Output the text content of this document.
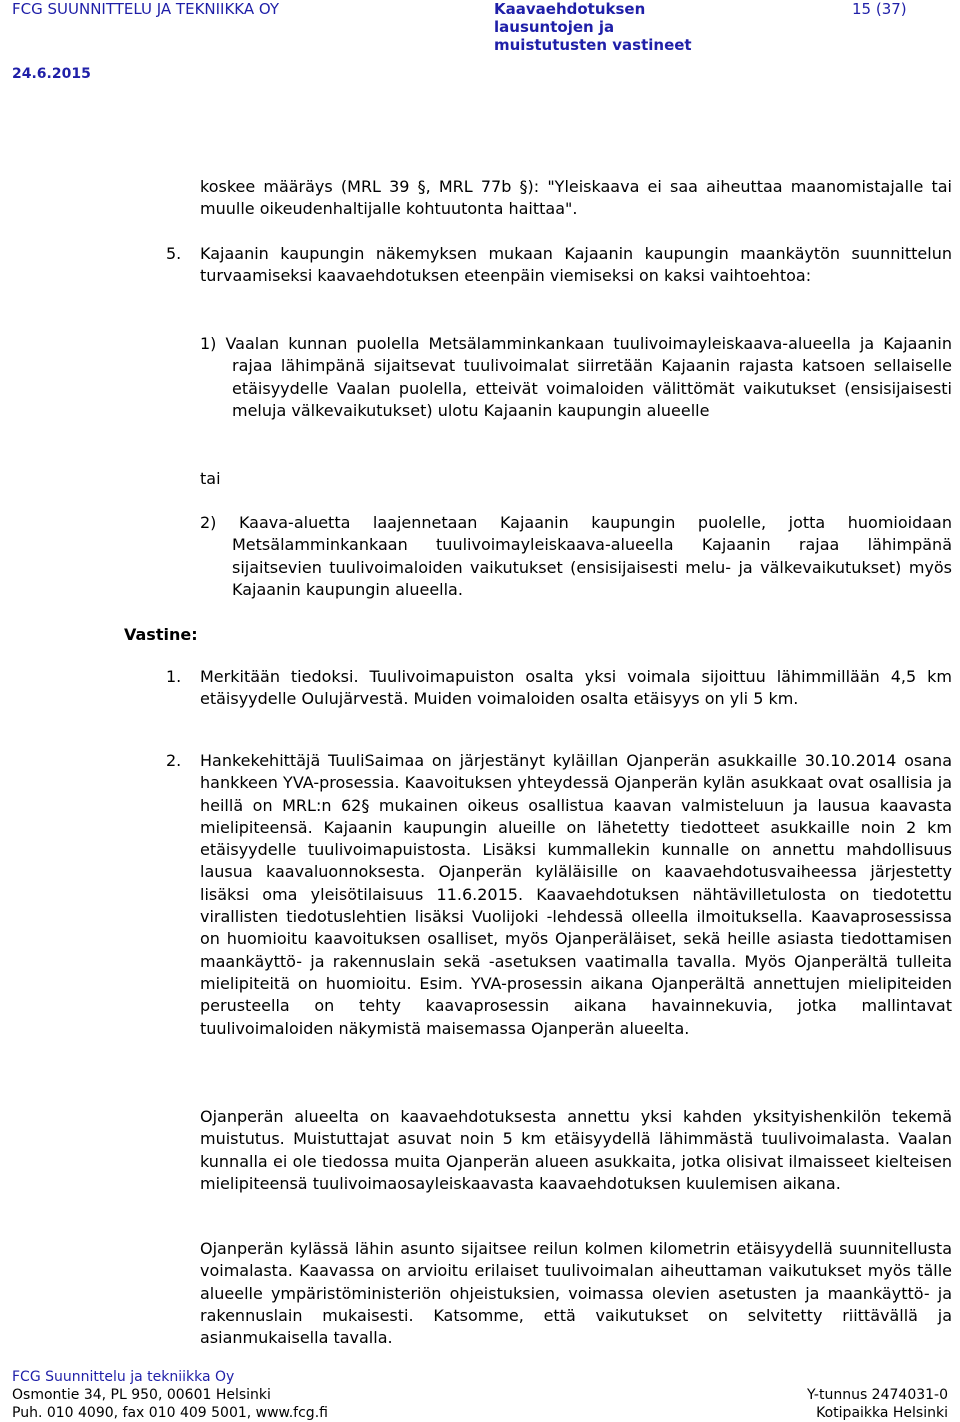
FCG SUUNNITTELU JA TEKNIIKKA OY	Kaavaehdotuksen
lausuntojen ja
muistutusten vastineet
15 (37)
24.6.2015
koskee määräys (MRL 39 §, MRL 77b §): "Yleiskaava ei saa aiheuttaa maanomistajalle tai muulle oikeudenhaltijalle kohtuutonta haittaa".
5. Kajaanin kaupungin näkemyksen mukaan Kajaanin kaupungin maankäytön suunnittelun turvaamiseksi kaavaehdotuksen eteenpäin viemiseksi on kaksi vaihtoehtoa:
1) Vaalan kunnan puolella Metsälamminkankaan tuulivoimayleiskaava-alueella ja Kajaanin rajaa lähimpänä sijaitsevat tuulivoimalat siirretään Kajaanin rajasta katsoen sellaiselle etäisyydelle Vaalan puolella, etteivät voimaloiden välittömät vaikutukset (ensisijaisesti meluja välkevaikutukset) ulotu Kajaanin kaupungin alueelle
tai
2) Kaava-aluetta laajennetaan Kajaanin kaupungin puolelle, jotta huomioidaan Metsälamminkankaan tuulivoimayleiskaava-alueella Kajaanin rajaa lähimpänä sijaitsevien tuulivoimaloiden vaikutukset (ensisijaisesti melu- ja välkevaikutukset) myös Kajaanin kaupungin alueella.
Vastine:
1. Merkitään tiedoksi. Tuulivoimapuiston osalta yksi voimala sijoittuu lähimmillään 4,5 km etäisyydelle Oulujärvestä. Muiden voimaloiden osalta etäisyys on yli 5 km.
2. Hankekehittäjä TuuliSaimaa on järjestänyt kyläillan Ojanperän asukkaille 30.10.2014 osana hankkeen YVA-prosessia. Kaavoituksen yhteydessä Ojanperän kylän asukkaat ovat osallisia ja heillä on MRL:n 62§ mukainen oikeus osallistua kaavan valmisteluun ja lausua kaavasta mielipiteensä. Kajaanin kaupungin alueille on lähetetty tiedotteet asukkaille noin 2 km etäisyydelle tuulivoimapuistosta. Lisäksi kummallekin kunnalle on annettu mahdollisuus lausua kaavaluonnoksesta. Ojanperän kyläläisille on kaavaehdotusvaiheessa järjestetty lisäksi oma yleisötilaisuus 11.6.2015. Kaavaehdotuksen nähtävilletulosta on tiedotettu virallisten tiedotuslehtien lisäksi Vuolijoki -lehdessä olleella ilmoituksella. Kaavaprosessissa on huomioitu kaavoituksen osalliset, myös Ojanperäläiset, sekä heille asiasta tiedottamisen maankäyttö- ja rakennuslain sekä -asetuksen vaatimalla tavalla. Myös Ojanperältä tulleita mielipiteitä on huomioitu. Esim. YVA-prosessin aikana Ojanperältä annettujen mielipiteiden perusteella on tehty kaavaprosessin aikana havainnekuvia, jotka mallintavat tuulivoimaloiden näkymistä maisemassa Ojanperän alueelta.
Ojanperän alueelta on kaavaehdotuksesta annettu yksi kahden yksityishenkilön tekemä muistutus. Muistuttajat asuvat noin 5 km etäisyydellä lähimmästä tuulivoimalasta. Vaalan kunnalla ei ole tiedossa muita Ojanperän alueen asukkaita, jotka olisivat ilmaisseet kielteisen mielipiteensä tuulivoimaosayleiskaavasta kaavaehdotuksen kuulemisen aikana.
Ojanperän kylässä lähin asunto sijaitsee reilun kolmen kilometrin etäisyydellä suunnitellusta voimalasta. Kaavassa on arvioitu erilaiset tuulivoimalan aiheuttaman vaikutukset myös tälle alueelle ympäristöministeriön ohjeistuksien, voimassa olevien asetusten ja maankäyttö- ja rakennuslain mukaisesti. Katsomme, että vaikutukset on selvitetty riittävällä ja asianmukaisella tavalla.
FCG Suunnittelu ja tekniikka Oy
Osmontie 34, PL 950, 00601 Helsinki
Puh. 010 4090, fax 010 409 5001, www.fcg.fi
Y-tunnus 2474031-0
Kotipaikka Helsinki
